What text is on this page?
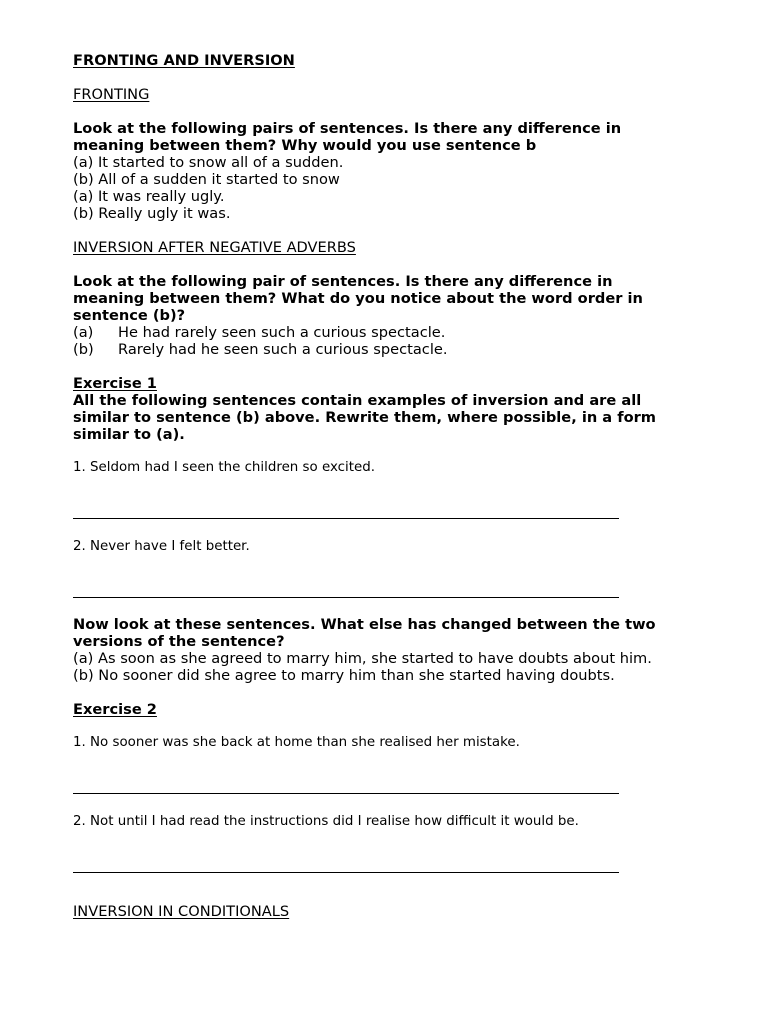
FRONTING AND INVERSION
FRONTING
Look at the following pairs of sentences. Is there any difference in
meaning between them? Why would you use sentence b
(a) It started to snow all of a sudden.
(b) All of a sudden it started to snow
(a) It was really ugly.
(b) Really ugly it was.
INVERSION AFTER NEGATIVE ADVERBS
Look at the following pair of sentences. Is there any difference in
meaning between them? What do you notice about the word order in
sentence (b)?
(a) He had rarely seen such a curious spectacle.
(b) Rarely had he seen such a curious spectacle.
Exercise 1
All the following sentences contain examples of inversion and are all
similar to sentence (b) above. Rewrite them, where possible, in a form
similar to (a).
1. Seldom had I seen the children so excited.
2. Never have I felt better.
Now look at these sentences. What else has changed between the two
versions of the sentence?
(a) As soon as she agreed to marry him, she started to have doubts about him.
(b) No sooner did she agree to marry him than she started having doubts.
Exercise 2
1. No sooner was she back at home than she realised her mistake.
2. Not until I had read the instructions did I realise how difficult it would be.
INVERSION IN CONDITIONALS
